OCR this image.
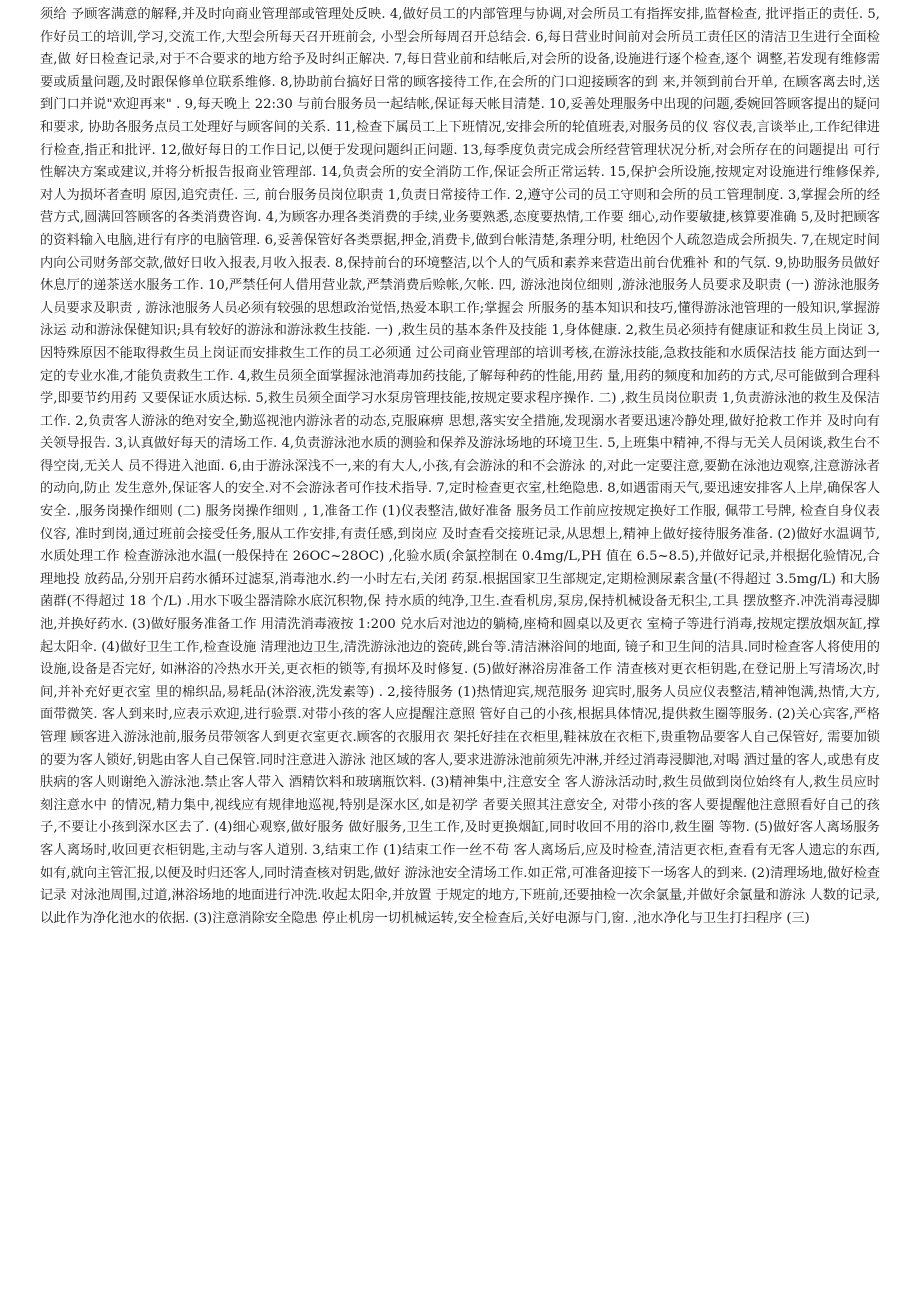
须给 予顾客满意的解释,并及时向商业管理部或管理处反映. 4,做好员工的内部管理与协调,对会所员工有指挥安排,监督检查, 批评指正的责任. 5,作好员工的培训,学习,交流工作,大型会所每天召开班前会, 小型会所每周召开总结会. 6,每日营业时间前对会所员工责任区的清洁卫生进行全面检查,做 好日检查记录,对于不合要求的地方给予及时纠正解决. 7,每日营业前和结帐后,对会所的设备,设施进行逐个检查,逐个 调整,若发现有维修需要或质量问题,及时跟保修单位联系维修. 8,协助前台搞好日常的顾客接待工作,在会所的门口迎接顾客的到 来,并领到前台开单, 在顾客离去时,送到门口并说"欢迎再来" . 9,每天晚上 22:30 与前台服务员一起结帐,保证每天帐目清楚. 10,妥善处理服务中出现的问题,委婉回答顾客提出的疑问和要求, 协助各服务点员工处理好与顾客间的关系. 11,检查下属员工上下班情况,安排会所的轮值班表,对服务员的仪 容仪表,言谈举止,工作纪律进行检查,指正和批评. 12,做好每日的工作日记,以便于发现问题纠正问题. 13,每季度负责完成会所经营管理状况分析,对会所存在的问题提出 可行性解决方案或建议,并将分析报告报商业管理部. 14,负责会所的安全消防工作,保证会所正常运转. 15,保护会所设施,按规定对设施进行维修保养,对人为损坏者查明 原因,追究责任. 三, 前台服务员岗位职责 1,负责日常接待工作. 2,遵守公司的员工守则和会所的员工管理制度. 3,掌握会所的经营方式,圆满回答顾客的各类消费咨询. 4,为顾客办理各类消费的手续,业务要熟悉,态度要热情,工作要 细心,动作要敏捷,核算要准确 5,及时把顾客的资料输入电脑,进行有序的电脑管理. 6,妥善保管好各类票据,押金,消费卡,做到台帐清楚,条理分明, 杜绝因个人疏忽造成会所损失. 7,在规定时间内向公司财务部交款,做好日收入报表,月收入报表. 8,保持前台的环境整洁,以个人的气质和素养来营造出前台优雅补 和的气氛. 9,协助服务员做好休息厅的递茶送水服务工作. 10,严禁任何人借用营业款,严禁消费后赊帐,欠帐. 四, 游泳池岗位细则 ,游泳池服务人员要求及职责 (一) 游泳池服务人员要求及职责 , 游泳池服务人员必须有较强的思想政治觉悟,热爱本职工作;掌握会 所服务的基本知识和技巧,懂得游泳池管理的一般知识,掌握游泳运 动和游泳保健知识;具有较好的游泳和游泳救生技能. 一) ,救生员的基本条件及技能 1,身体健康. 2,救生员必须持有健康证和救生员上岗证 3,因特殊原因不能取得救生员上岗证而安排救生工作的员工必须通 过公司商业管理部的培训考核,在游泳技能,急救技能和水质保洁技 能方面达到一定的专业水准,才能负责救生工作. 4,救生员须全面掌握泳池消毒加药技能,了解每种药的性能,用药 量,用药的频度和加药的方式,尽可能做到合理科学,即要节约用药 又要保证水质达标. 5,救生员须全面学习水泵房管理技能,按规定要求程序操作. 二) ,救生员岗位职责 1,负责游泳池的救生及保洁工作. 2,负责客人游泳的绝对安全,勤巡视池内游泳者的动态,克服麻痹 思想,落实安全措施,发现溺水者要迅速冷静处理,做好抢救工作并 及时向有关领导报告. 3,认真做好每天的清场工作. 4,负责游泳池水质的测验和保养及游泳场地的环境卫生. 5,上班集中精神,不得与无关人员闲谈,救生台不得空岗,无关人 员不得进入池面. 6,由于游泳深浅不一,来的有大人,小孩,有会游泳的和不会游泳 的,对此一定要注意,要勤在泳池边观察,注意游泳者的动向,防止 发生意外,保证客人的安全.对不会游泳者可作技术指导. 7,定时检查更衣室,杜绝隐患. 8,如遇雷雨天气,要迅速安排客人上岸,确保客人安全. ,服务岗操作细则 (二) 服务岗操作细则 , 1,准备工作 (1)仪表整洁,做好准备 服务员工作前应按规定换好工作服, 佩带工号牌, 检查自身仪表仪容, 准时到岗,通过班前会接受任务,服从工作安排,有责任感,到岗应 及时查看交接班记录,从思想上,精神上做好接待服务准备. (2)做好水温调节,水质处理工作 检查游泳池水温(一般保持在 26OC~28OC) ,化验水质(余氯控制在 0.4mg/L,PH 值在 6.5~8.5),并做好记录,并根据化验情况,合理地投 放药品,分别开启药水循环过滤泵,消毒池水.约一小时左右,关闭 药泵.根据国家卫生部规定,定期检测尿素含量(不得超过 3.5mg/L) 和大肠菌群(不得超过 18 个/L) .用水下吸尘器清除水底沉积物,保 持水质的纯净,卫生.查看机房,泵房,保持机械设备无积尘,工具 摆放整齐.冲洗消毒浸脚池,并换好药水. (3)做好服务准备工作 用清洗消毒液按 1:200 兑水后对池边的躺椅,座椅和圆桌以及更衣 室椅子等进行消毒,按规定摆放烟灰缸,撑起太阳伞. (4)做好卫生工作,检查设施 清理池边卫生,清洗游泳池边的瓷砖,跳台等.清洁淋浴间的地面, 镜子和卫生间的洁具.同时检查客人将使用的设施,设备是否完好, 如淋浴的冷热水开关,更衣柜的锁等,有损坏及时修复. (5)做好淋浴房准备工作 清查核对更衣柜钥匙,在登记册上写清场次,时间,并补充好更衣室 里的棉织品,易耗品(沐浴液,洗发素等) . 2,接待服务 (1)热情迎宾,规范服务 迎宾时,服务人员应仪表整洁,精神饱满,热情,大方,面带微笑. 客人到来时,应表示欢迎,进行验票.对带小孩的客人应提醒注意照 管好自己的小孩,根据具体情况,提供救生圈等服务. (2)关心宾客,严格管理 顾客进入游泳池前,服务员带领客人到更衣室更衣.顾客的衣服用衣 架托好挂在衣柜里,鞋袜放在衣柜下,贵重物品要客人自己保管好, 需要加锁的要为客人锁好,钥匙由客人自己保管.同时注意进入游泳 池区域的客人,要求进游泳池前须先冲淋,并经过消毒浸脚池,对喝 酒过量的客人,或患有皮肤病的客人则谢绝入游泳池.禁止客人带入 酒精饮料和玻璃瓶饮料. (3)精神集中,注意安全 客人游泳活动时,救生员做到岗位始终有人,救生员应时刻注意水中 的情况,精力集中,视线应有规律地巡视,特别是深水区,如是初学 者要关照其注意安全, 对带小孩的客人要提醒他注意照看好自己的孩子,不要让小孩到深水区去了. (4)细心观察,做好服务 做好服务,卫生工作,及时更换烟缸,同时收回不用的浴巾,救生圈 等物. (5)做好客人离场服务 客人离场时,收回更衣柜钥匙,主动与客人道别. 3,结束工作 (1)结束工作一丝不苟 客人离场后,应及时检查,清洁更衣柜,查看有无客人遗忘的东西, 如有,就向主管汇报,以便及时归还客人,同时清查核对钥匙,做好 游泳池安全清场工作.如正常,可准备迎接下一场客人的到来. (2)清理场地,做好检查记录 对泳池周围,过道,淋浴场地的地面进行冲洗.收起太阳伞,并放置 于规定的地方,下班前,还要抽检一次余氯量,并做好余氯量和游泳 人数的记录,以此作为净化池水的依据. (3)注意消除安全隐患 停止机房一切机械运转,安全检查后,关好电源与门,窗. ,池水净化与卫生打扫程序 (三)
